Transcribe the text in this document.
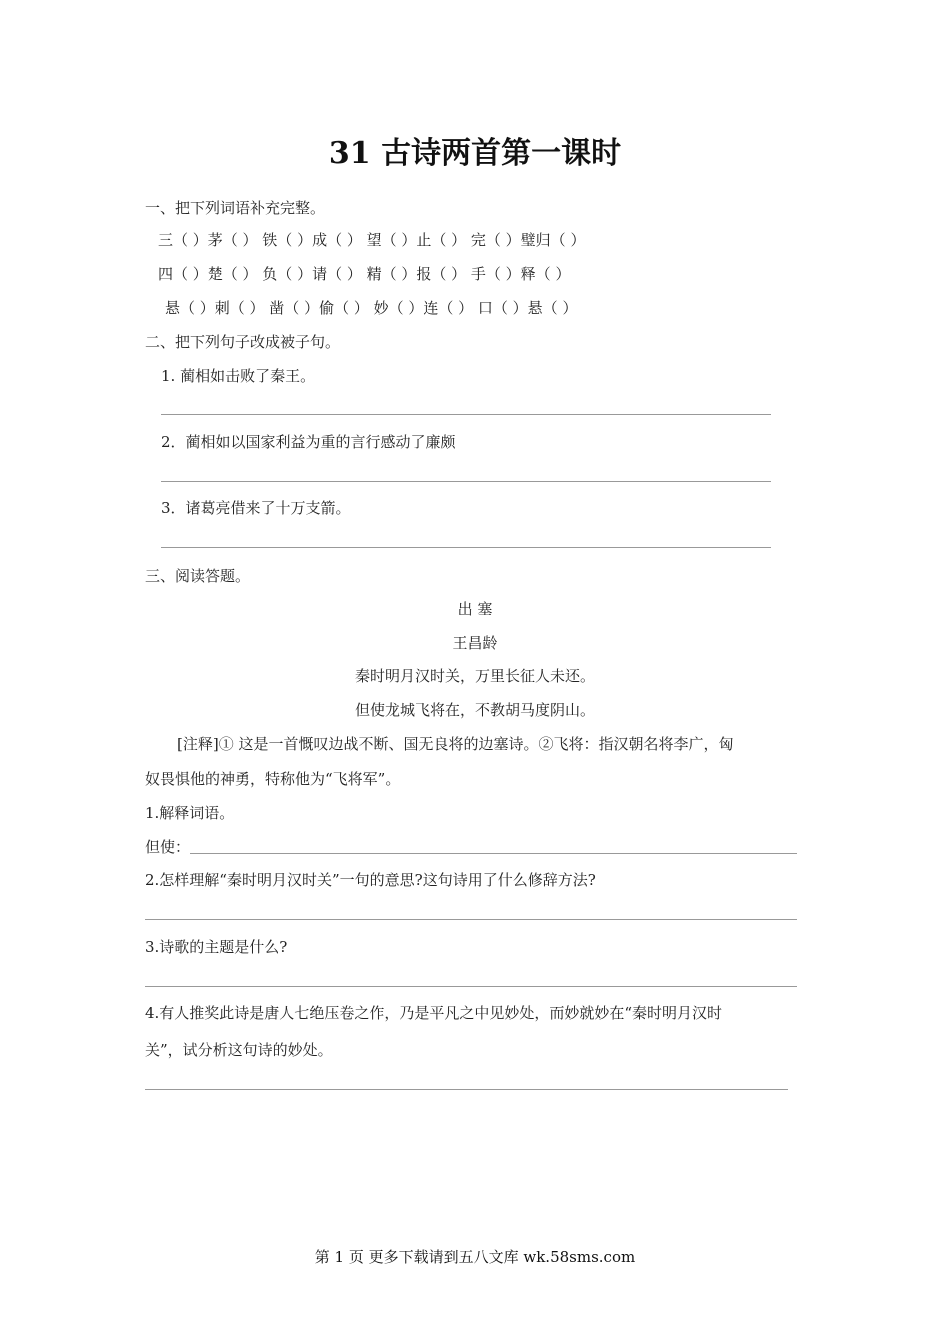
31 古诗两首第一课时
一、把下列词语补充完整。
三（ ）茅（ ） 铁（ ）成（ ） 望（ ）止（ ） 完（ ）璧归（ ）
四（ ）楚（ ） 负（ ）请（ ） 精（ ）报（ ） 手（ ）释（ ）
悬（ ）刺（ ） 凿（ ）偷（ ） 妙（ ）连（ ） 口（ ）悬（ ）
二、把下列句子改成被子句。
1. 蔺相如击败了秦王。
2．蔺相如以国家利益为重的言行感动了廉颇
3．诸葛亮借来了十万支箭。
三、阅读答题。
出 塞
王昌龄
秦时明月汉时关，万里长征人未还。
但使龙城飞将在，不教胡马度阴山。
[注释]① 这是一首慨叹边战不断、国无良将的边塞诗。②飞将：指汉朝名将李广，匈
奴畏惧他的神勇，特称他为“飞将军”。
1.解释词语。
但使：
2.怎样理解“秦时明月汉时关”一句的意思?这句诗用了什么修辞方法?
3.诗歌的主题是什么?
4.有人推奖此诗是唐人七绝压卷之作，乃是平凡之中见妙处，而妙就妙在“秦时明月汉时
关”，试分析这句诗的妙处。
第 1 页 更多下载请到五八文库 wk.58sms.com
